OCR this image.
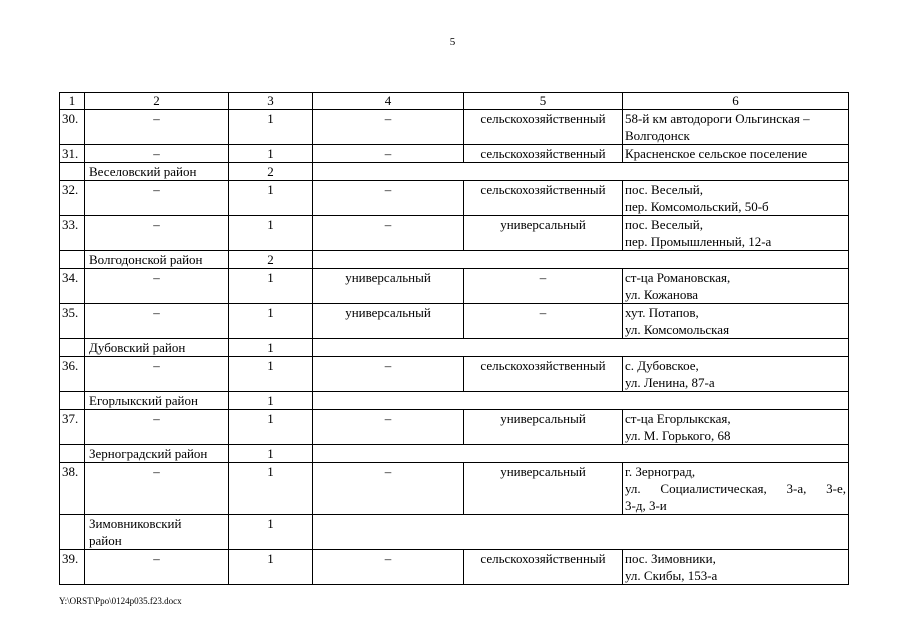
5
1	2	3	4	5	6
30.	–	1	–	сельскохозяйственный	58-й км автодороги Ольгинская –
Волгодонск

31.	–	1	–	сельскохозяйственный	Красненское сельское поселение

	Веселовский район	2			
32.	–	1	–	сельскохозяйственный	пос. Веселый,
пер. Комсомольский, 50-б

33.	–	1	–	универсальный	пос. Веселый,
пер. Промышленный, 12-а

	Волгодонской район	2			
34.	–	1	универсальный	–	ст-ца Романовская,
ул. Кожанова

35.	–	1	универсальный	–	хут. Потапов,
ул. Комсомольская

	Дубовский район	1			
36.	–	1	–	сельскохозяйственный	с. Дубовское,
ул. Ленина, 87-а

	Егорлыкский район	1			
37.	–	1	–	универсальный	ст-ца Егорлыкская,
ул. М. Горького, 68

	Зерноградский район	1			
38.	–	1	–	универсальный	г. Зерноград,
ул. Социалистическая, 3-а, 3-е,
3-д, 3-и

	Зимовниковский
район	1			
39.	–	1	–	сельскохозяйственный	пос. Зимовники,
ул. Скибы, 153-а
Y:\ORST\Ppo\0124p035.f23.docx
